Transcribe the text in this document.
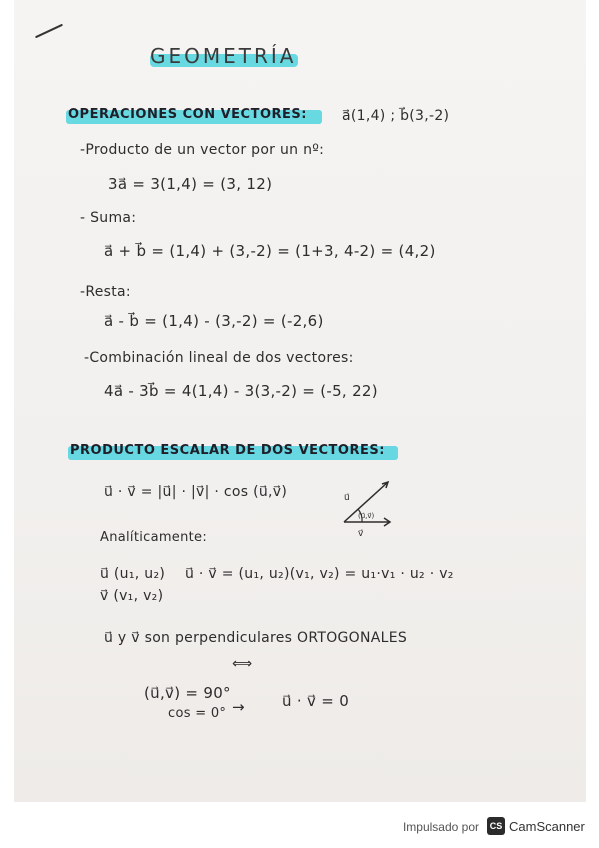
GEOMETRÍA
OPERACIONES CON VECTORES:	a⃗(1,4) ; b⃗(3,-2)
-Producto de un vector por un nº:
3a⃗ = 3(1,4) = (3, 12)
- Suma:
a⃗ + b⃗ = (1,4) + (3,-2) = (1+3, 4-2) = (4,2)
-Resta:
a⃗ - b⃗ = (1,4) - (3,-2) = (-2,6)
-Combinación lineal de dos vectores:
4a⃗ - 3b⃗ = 4(1,4) - 3(3,-2) = (-5, 22)
PRODUCTO ESCALAR DE DOS VECTORES:
u⃗ · v⃗ = |u⃗| · |v⃗| · cos (u⃗,v⃗)	u⃗
(u⃗,v⃗)
v⃗
Analíticamente:
u⃗ (u₁, u₂) u⃗ · v⃗ = (u₁, u₂)(v₁, v₂) = u₁·v₁ · u₂ · v₂
v⃗ (v₁, v₂)
u⃗ y v⃗ son perpendiculares ORTOGONALES
⟺
(u⃗,v⃗) = 90°
cos = 0° → u⃗ · v⃗ = 0
Impulsado por	CS CamScanner
